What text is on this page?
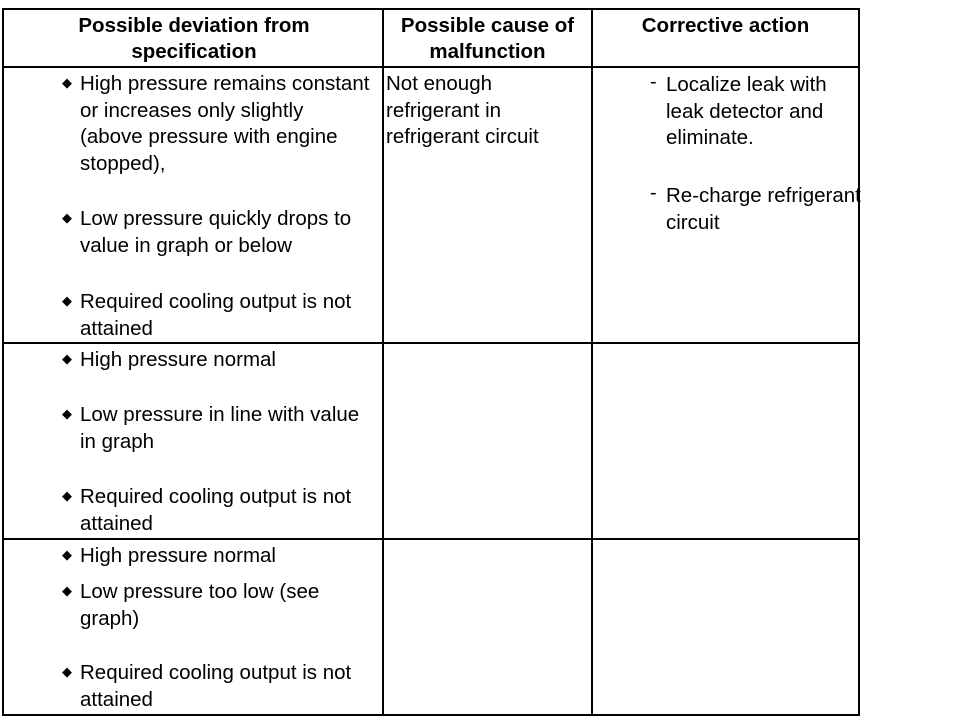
Possible deviation from specification
Possible cause of malfunction
Corrective action
◆ High pressure remains constant or increases only slightly (above pressure with engine stopped),
◆ Low pressure quickly drops to value in graph or below
◆ Required cooling output is not attained
Not enough refrigerant in refrigerant circuit
- Localize leak with leak detector and eliminate.
- Re-charge refrigerant circuit
◆ High pressure normal
◆ Low pressure in line with value in graph
◆ Required cooling output is not attained
◆ High pressure normal
◆ Low pressure too low (see graph)
◆ Required cooling output is not attained
